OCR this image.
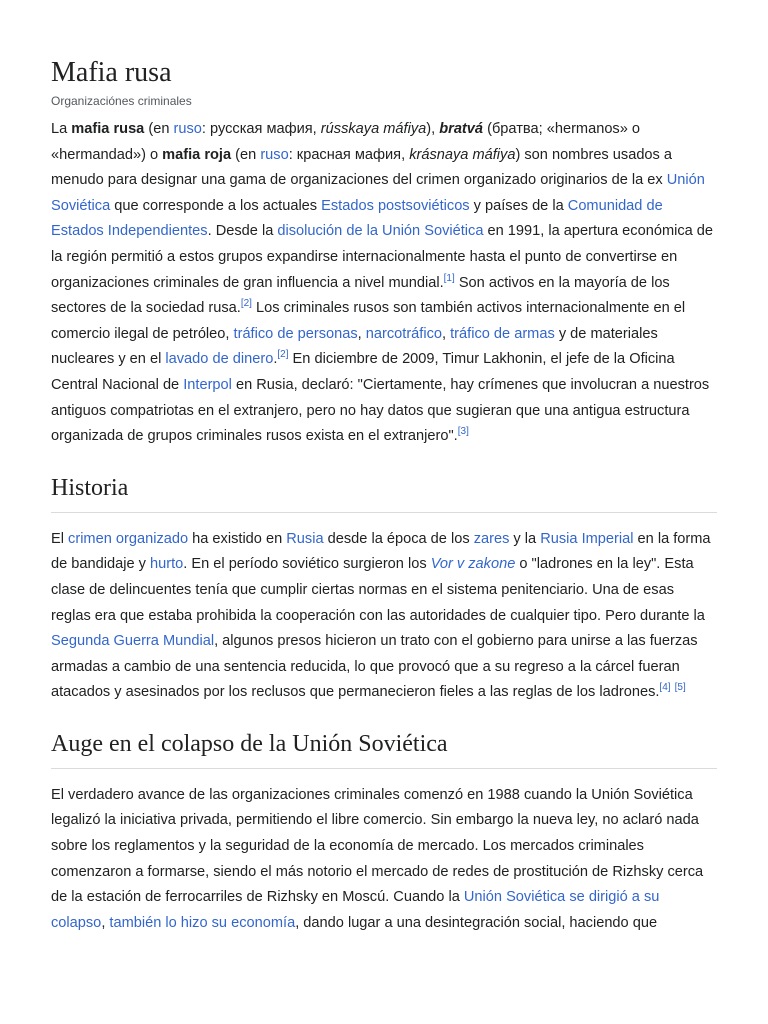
Mafia rusa
Organizaciónes criminales

La mafia rusa (en ruso: русская мафия, rússkaya máfiya), bratvá (братва; «hermanos» o «hermandad») o mafia roja (en ruso: красная мафия, krásnaya máfiya) son nombres usados a menudo para designar una gama de organizaciones del crimen organizado originarios de la ex Unión Soviética que corresponde a los actuales Estados postsoviéticos y países de la Comunidad de Estados Independientes. Desde la disolución de la Unión Soviética en 1991, la apertura económica de la región permitió a estos grupos expandirse internacionalmente hasta el punto de convertirse en organizaciones criminales de gran influencia a nivel mundial.[1] Son activos en la mayoría de los sectores de la sociedad rusa.[2] Los criminales rusos son también activos internacionalmente en el comercio ilegal de petróleo, tráfico de personas, narcotráfico, tráfico de armas y de materiales nucleares y en el lavado de dinero.[2] En diciembre de 2009, Timur Lakhonin, el jefe de la Oficina Central Nacional de Interpol en Rusia, declaró: "Ciertamente, hay crímenes que involucran a nuestros antiguos compatriotas en el extranjero, pero no hay datos que sugieran que una antigua estructura organizada de grupos criminales rusos exista en el extranjero".[3]

Historia

El crimen organizado ha existido en Rusia desde la época de los zares y la Rusia Imperial en la forma de bandidaje y hurto. En el período soviético surgieron los Vor v zakone o "ladrones en la ley". Esta clase de delincuentes tenía que cumplir ciertas normas en el sistema penitenciario. Una de esas reglas era que estaba prohibida la cooperación con las autoridades de cualquier tipo. Pero durante la Segunda Guerra Mundial, algunos presos hicieron un trato con el gobierno para unirse a las fuerzas armadas a cambio de una sentencia reducida, lo que provocó que a su regreso a la cárcel fueran atacados y asesinados por los reclusos que permanecieron fieles a las reglas de los ladrones.[4] [5]

Auge en el colapso de la Unión Soviética

El verdadero avance de las organizaciones criminales comenzó en 1988 cuando la Unión Soviética legalizó la iniciativa privada, permitiendo el libre comercio. Sin embargo la nueva ley, no aclaró nada sobre los reglamentos y la seguridad de la economía de mercado. Los mercados criminales comenzaron a formarse, siendo el más notorio el mercado de redes de prostitución de Rizhsky cerca de la estación de ferrocarriles de Rizhsky en Moscú. Cuando la Unión Soviética se dirigió a su colapso, también lo hizo su economía, dando lugar a una desintegración social, haciendo que
